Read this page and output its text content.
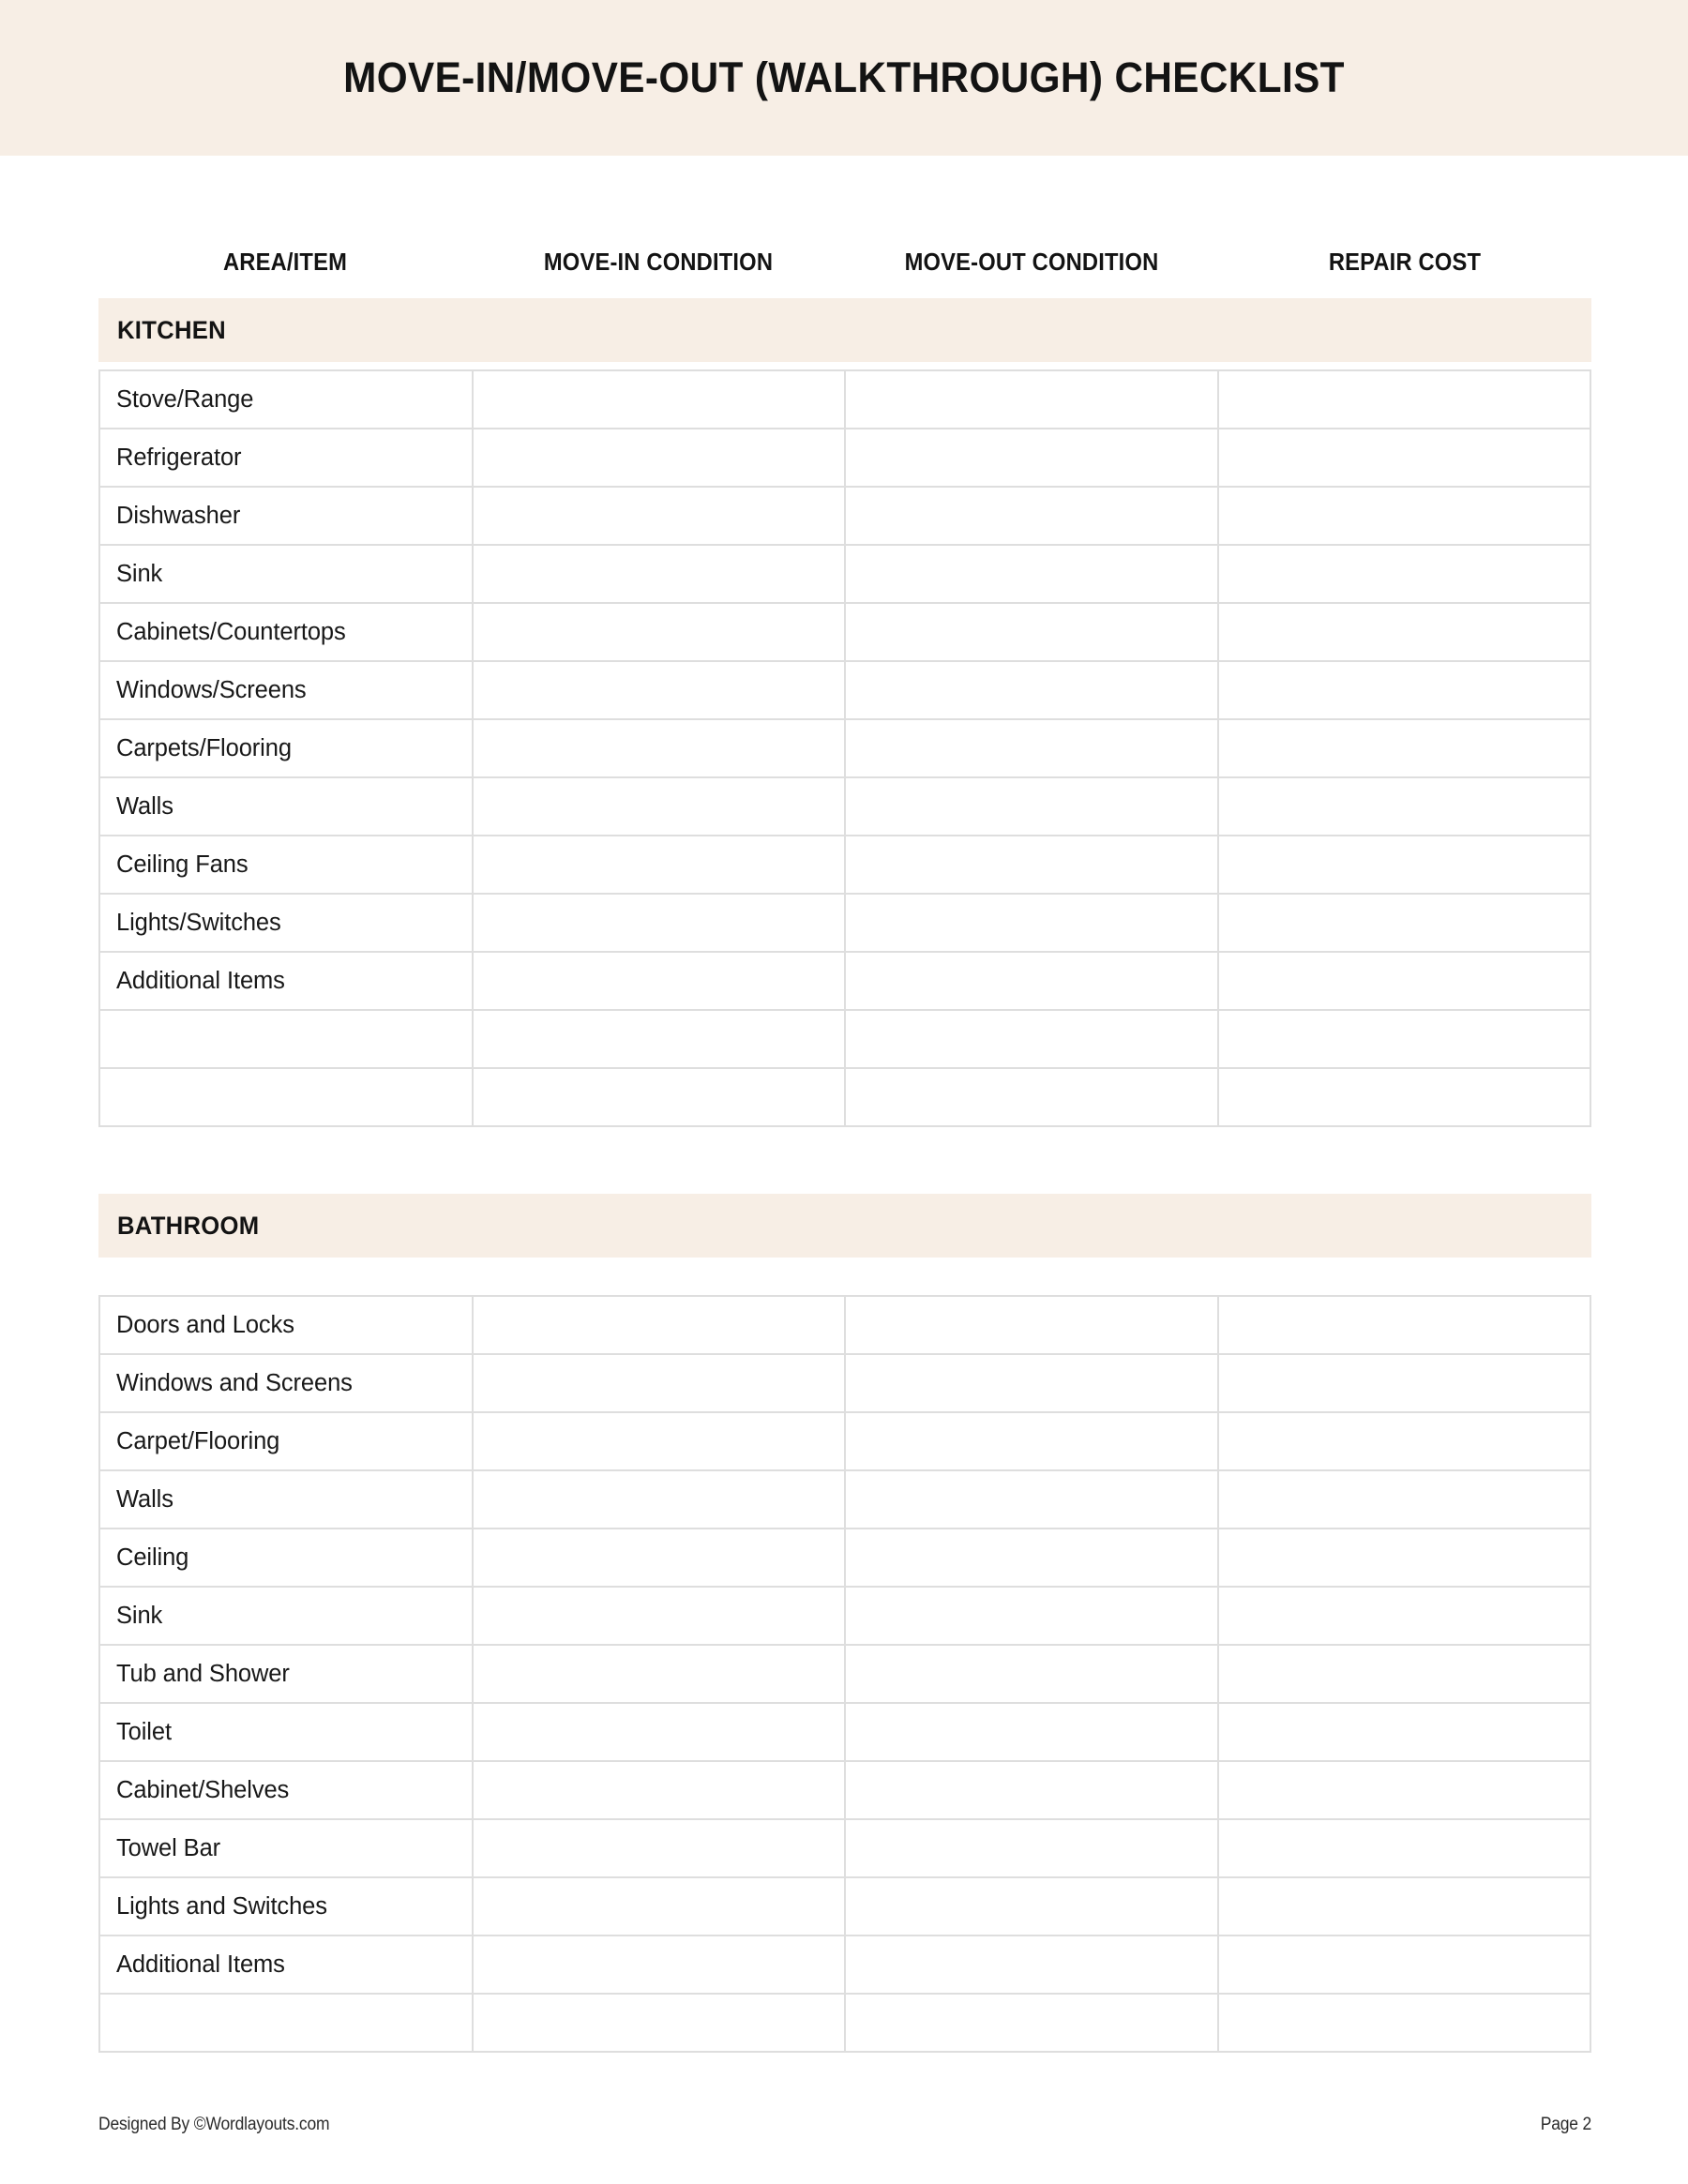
MOVE-IN/MOVE-OUT (WALKTHROUGH) CHECKLIST
AREA/ITEM	MOVE-IN CONDITION	MOVE-OUT CONDITION	REPAIR COST
KITCHEN
Stove/Range			
Refrigerator			
Dishwasher			
Sink			
Cabinets/Countertops			
Windows/Screens			
Carpets/Flooring			
Walls			
Ceiling Fans			
Lights/Switches			
Additional Items			

BATHROOM
Doors and Locks			
Windows and Screens			
Carpet/Flooring			
Walls			
Ceiling			
Sink			
Tub and Shower			
Toilet			
Cabinet/Shelves			
Towel Bar			
Lights and Switches			
Additional Items			

Designed By ©Wordlayouts.com	Page 2
